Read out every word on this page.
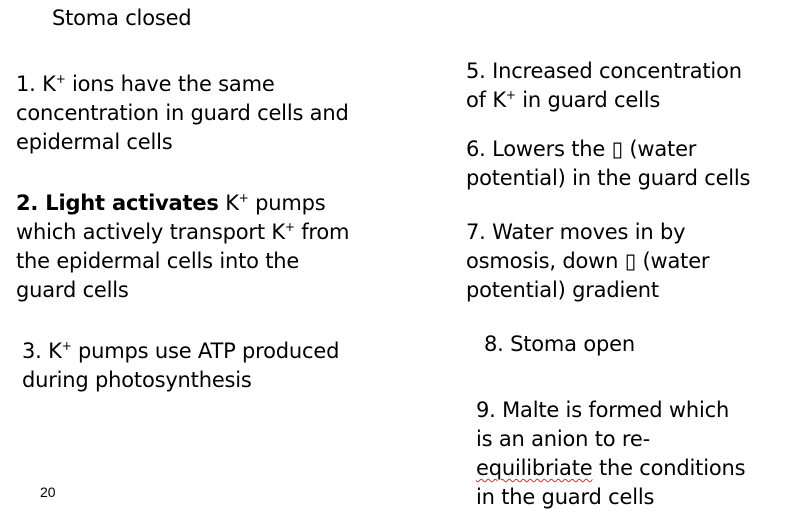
Stoma closed
1. K+ ions have the same
concentration in guard cells and
epidermal cells
2. Light activates K+ pumps
which actively transport K+ from
the epidermal cells into the
guard cells
3. K+ pumps use ATP produced
during photosynthesis
5. Increased concentration
of K+ in guard cells
6. Lowers the ▯ (water
potential) in the guard cells
7. Water moves in by
osmosis, down ▯ (water
potential) gradient
8. Stoma open
9. Malte is formed which
is an anion to re-
equilibriate the conditions
in the guard cells
20
